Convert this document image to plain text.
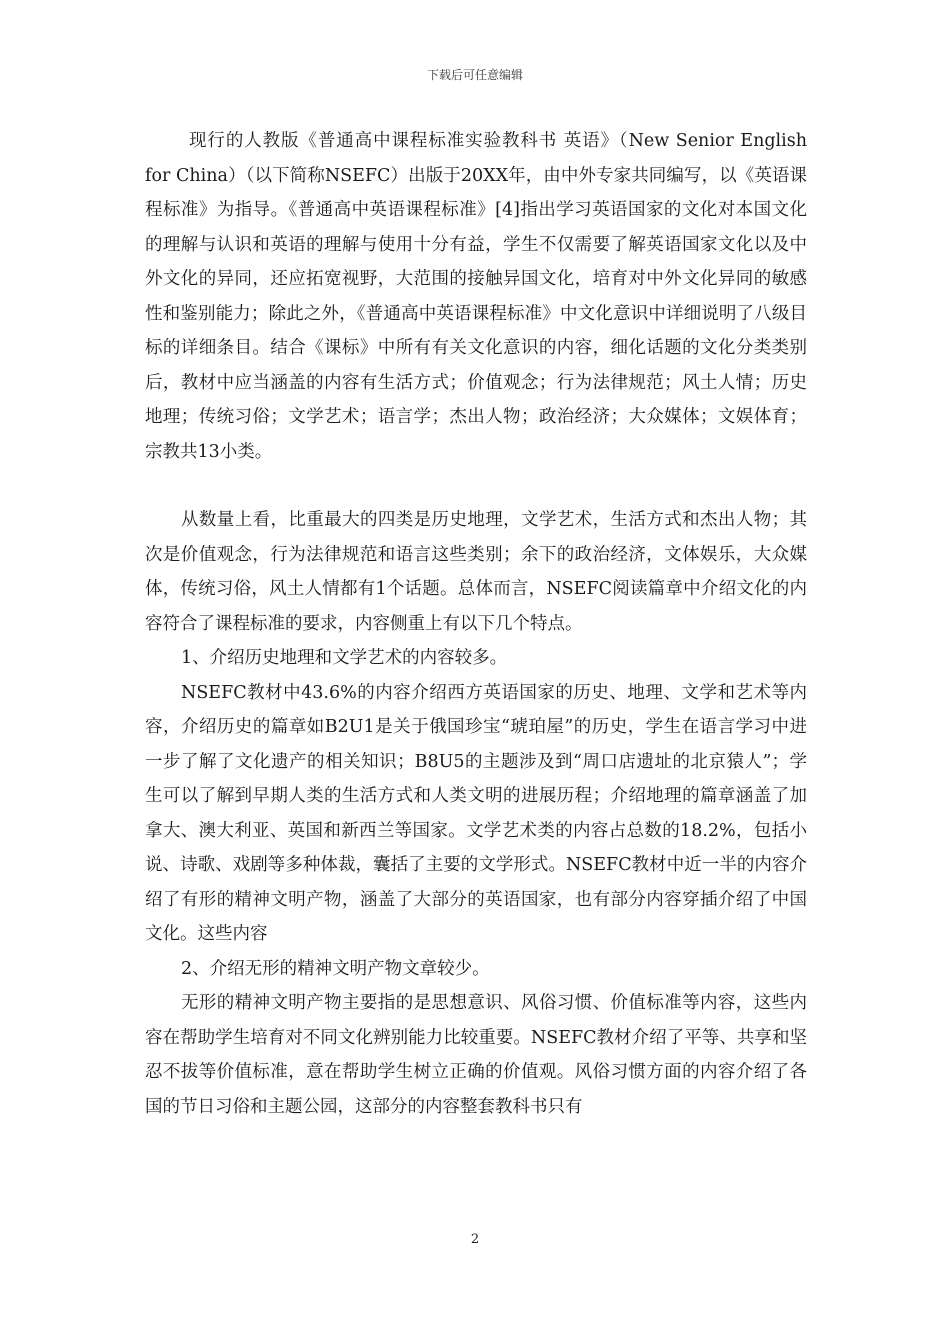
下载后可任意编辑

现行的人教版《普通高中课程标准实验教科书 英语》（New Senior English for China）（以下简称NSEFC）出版于20XX年，由中外专家共同编写，以《英语课程标准》为指导。《普通高中英语课程标准》[4]指出学习英语国家的文化对本国文化的理解与认识和英语的理解与使用十分有益，学生不仅需要了解英语国家文化以及中外文化的异同，还应拓宽视野，大范围的接触异国文化，培育对中外文化异同的敏感性和鉴别能力；除此之外，《普通高中英语课程标准》中文化意识中详细说明了八级目标的详细条目。结合《课标》中所有有关文化意识的内容，细化话题的文化分类类别后，教材中应当涵盖的内容有生活方式；价值观念；行为法律规范；风土人情；历史地理；传统习俗；文学艺术；语言学；杰出人物；政治经济；大众媒体；文娱体育；宗教共13小类。

从数量上看，比重最大的四类是历史地理，文学艺术，生活方式和杰出人物；其次是价值观念，行为法律规范和语言这些类别；余下的政治经济，文体娱乐，大众媒体，传统习俗，风土人情都有1个话题。总体而言，NSEFC阅读篇章中介绍文化的内容符合了课程标准的要求，内容侧重上有以下几个特点。

1、介绍历史地理和文学艺术的内容较多。

NSEFC教材中43.6%的内容介绍西方英语国家的历史、地理、文学和艺术等内容，介绍历史的篇章如B2U1是关于俄国珍宝“琥珀屋”的历史，学生在语言学习中进一步了解了文化遗产的相关知识；B8U5的主题涉及到“周口店遗址的北京猿人”；学生可以了解到早期人类的生活方式和人类文明的进展历程；介绍地理的篇章涵盖了加拿大、澳大利亚、英国和新西兰等国家。文学艺术类的内容占总数的18.2%，包括小说、诗歌、戏剧等多种体裁，囊括了主要的文学形式。NSEFC教材中近一半的内容介绍了有形的精神文明产物，涵盖了大部分的英语国家，也有部分内容穿插介绍了中国文化。这些内容

2、介绍无形的精神文明产物文章较少。

无形的精神文明产物主要指的是思想意识、风俗习惯、价值标准等内容，这些内容在帮助学生培育对不同文化辨别能力比较重要。NSEFC教材介绍了平等、共享和坚忍不拔等价值标准，意在帮助学生树立正确的价值观。风俗习惯方面的内容介绍了各国的节日习俗和主题公园，这部分的内容整套教科书只有

2
